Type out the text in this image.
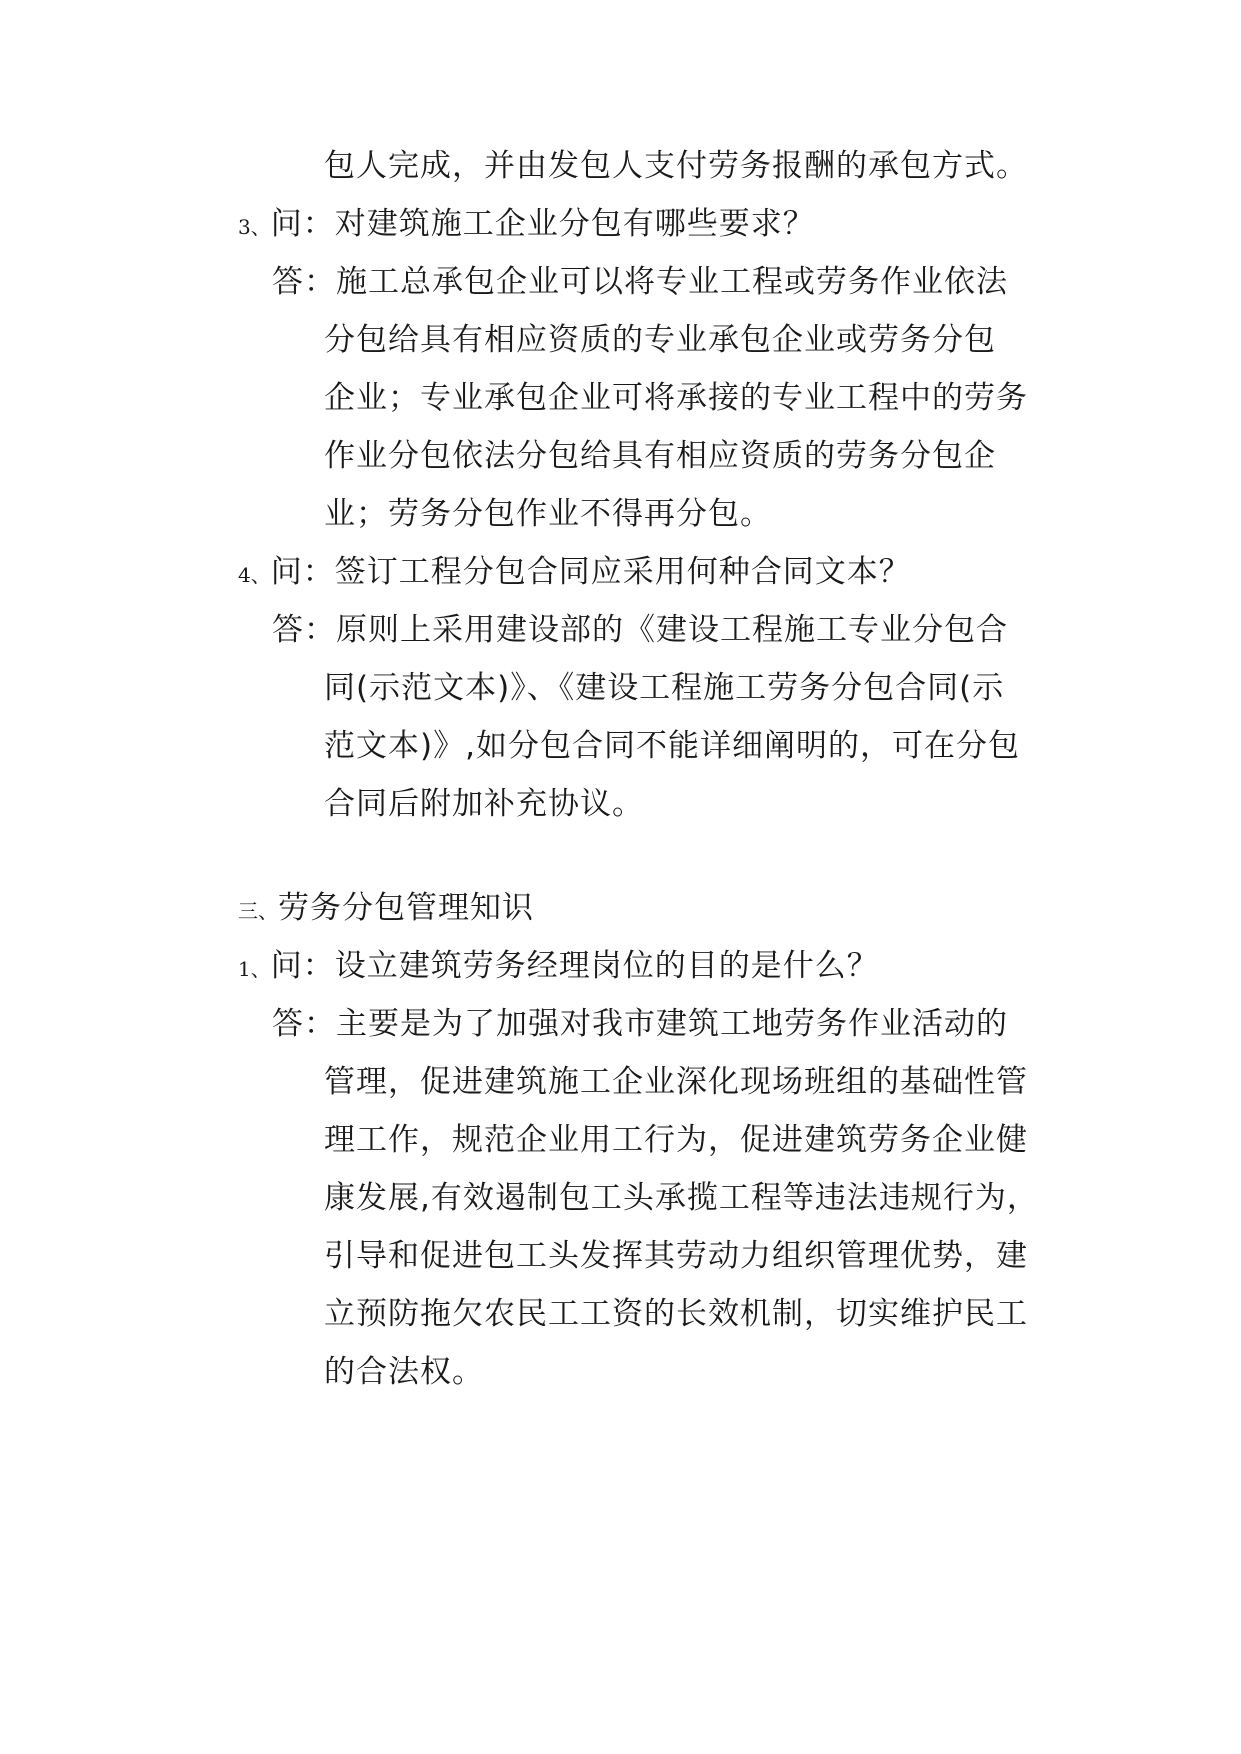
包人完成，并由发包人支付劳务报酬的承包方式。
3、问：对建筑施工企业分包有哪些要求？
答：施工总承包企业可以将专业工程或劳务作业依法
分包给具有相应资质的专业承包企业或劳务分包
企业；专业承包企业可将承接的专业工程中的劳务
作业分包依法分包给具有相应资质的劳务分包企
业；劳务分包作业不得再分包。
4、问：签订工程分包合同应采用何种合同文本？
答：原则上采用建设部的《建设工程施工专业分包合
同(示范文本)》、《建设工程施工劳务分包合同(示
范文本)》,如分包合同不能详细阐明的，可在分包
合同后附加补充协议。
三、劳务分包管理知识
1、问：设立建筑劳务经理岗位的目的是什么？
答：主要是为了加强对我市建筑工地劳务作业活动的
管理，促进建筑施工企业深化现场班组的基础性管
理工作，规范企业用工行为，促进建筑劳务企业健
康发展,有效遏制包工头承揽工程等违法违规行为，
引导和促进包工头发挥其劳动力组织管理优势，建
立预防拖欠农民工工资的长效机制，切实维护民工
的合法权。
